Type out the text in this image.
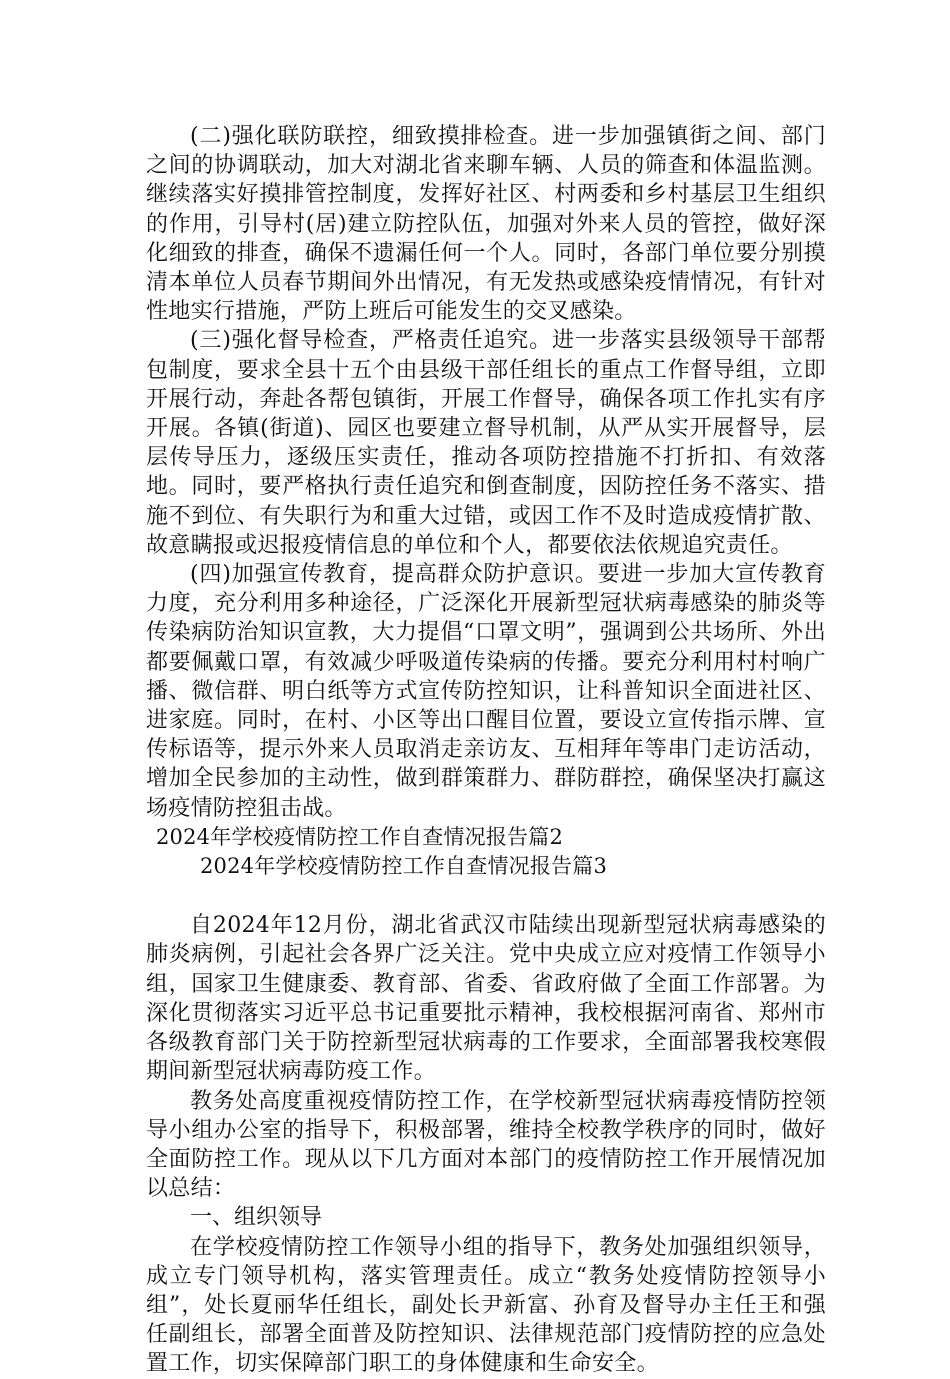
(二)强化联防联控，细致摸排检查。进一步加强镇街之间、部门之间的协调联动，加大对湖北省来聊车辆、人员的筛查和体温监测。继续落实好摸排管控制度，发挥好社区、村两委和乡村基层卫生组织的作用，引导村(居)建立防控队伍，加强对外来人员的管控，做好深化细致的排查，确保不遗漏任何一个人。同时，各部门单位要分别摸清本单位人员春节期间外出情况，有无发热或感染疫情情况，有针对性地实行措施，严防上班后可能发生的交叉感染。

(三)强化督导检查，严格责任追究。进一步落实县级领导干部帮包制度，要求全县十五个由县级干部任组长的重点工作督导组，立即开展行动，奔赴各帮包镇街，开展工作督导，确保各项工作扎实有序开展。各镇(街道)、园区也要建立督导机制，从严从实开展督导，层层传导压力，逐级压实责任，推动各项防控措施不打折扣、有效落地。同时，要严格执行责任追究和倒查制度，因防控任务不落实、措施不到位、有失职行为和重大过错，或因工作不及时造成疫情扩散、故意瞒报或迟报疫情信息的单位和个人，都要依法依规追究责任。

(四)加强宣传教育，提高群众防护意识。要进一步加大宣传教育力度，充分利用多种途径，广泛深化开展新型冠状病毒感染的肺炎等传染病防治知识宣教，大力提倡“口罩文明”，强调到公共场所、外出都要佩戴口罩，有效减少呼吸道传染病的传播。要充分利用村村响广播、微信群、明白纸等方式宣传防控知识，让科普知识全面进社区、进家庭。同时，在村、小区等出口醒目位置，要设立宣传指示牌、宣传标语等，提示外来人员取消走亲访友、互相拜年等串门走访活动，增加全民参加的主动性，做到群策群力、群防群控，确保坚决打赢这场疫情防控狙击战。

2024年学校疫情防控工作自查情况报告篇2

2024年学校疫情防控工作自查情况报告篇3

自2024年12月份，湖北省武汉市陆续出现新型冠状病毒感染的肺炎病例，引起社会各界广泛关注。党中央成立应对疫情工作领导小组，国家卫生健康委、教育部、省委、省政府做了全面工作部署。为深化贯彻落实习近平总书记重要批示精神，我校根据河南省、郑州市各级教育部门关于防控新型冠状病毒的工作要求，全面部署我校寒假期间新型冠状病毒防疫工作。

教务处高度重视疫情防控工作，在学校新型冠状病毒疫情防控领导小组办公室的指导下，积极部署，维持全校教学秩序的同时，做好全面防控工作。现从以下几方面对本部门的疫情防控工作开展情况加以总结：

一、组织领导

在学校疫情防控工作领导小组的指导下，教务处加强组织领导，成立专门领导机构，落实管理责任。成立“教务处疫情防控领导小组”，处长夏丽华任组长，副处长尹新富、孙育及督导办主任王和强任副组长，部署全面普及防控知识、法律规范部门疫情防控的应急处置工作，切实保障部门职工的身体健康和生命安全。
